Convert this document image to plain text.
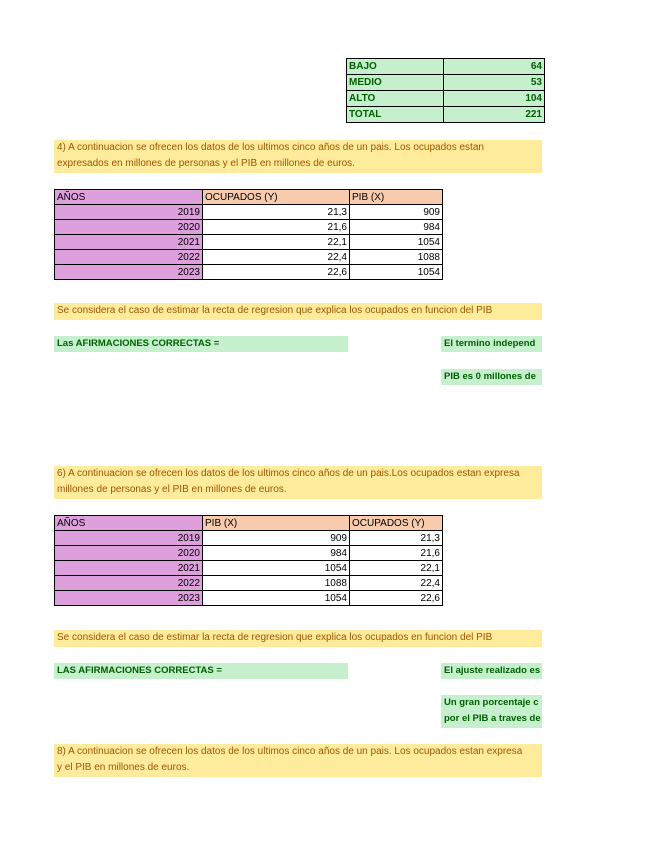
BAJO	64
MEDIO	53
ALTO	104
TOTAL	221
4) A continuacion se ofrecen los datos de los ultimos cinco años de un pais. Los ocupados estan
expresados en millones de personas y el PIB en millones de euros.
AÑOS	OCUPADOS (Y)	PIB (X)
2019	21,3	909
2020	21,6	984
2021	22,1	1054
2022	22,4	1088
2023	22,6	1054
Se considera el caso de estimar la recta de regresion que explica los ocupados en funcion del PIB
Las AFIRMACIONES CORRECTAS =	El termino independ
PIB es 0 millones de
6) A continuacion se ofrecen los datos de los ultimos cinco años de un pais.Los ocupados estan expresa
millones de personas y el PIB en millones de euros.
AÑOS	PIB (X)	OCUPADOS (Y)
2019	909	21,3
2020	984	21,6
2021	1054	22,1
2022	1088	22,4
2023	1054	22,6
Se considera el caso de estimar la recta de regresion que explica los ocupados en funcion del PIB
LAS AFIRMACIONES CORRECTAS =	El ajuste realizado es
Un gran porcentaje c
por el PIB a traves de
8) A continuacion se ofrecen los datos de los ultimos cinco años de un pais. Los ocupados estan expresa
y el PIB en millones de euros.
